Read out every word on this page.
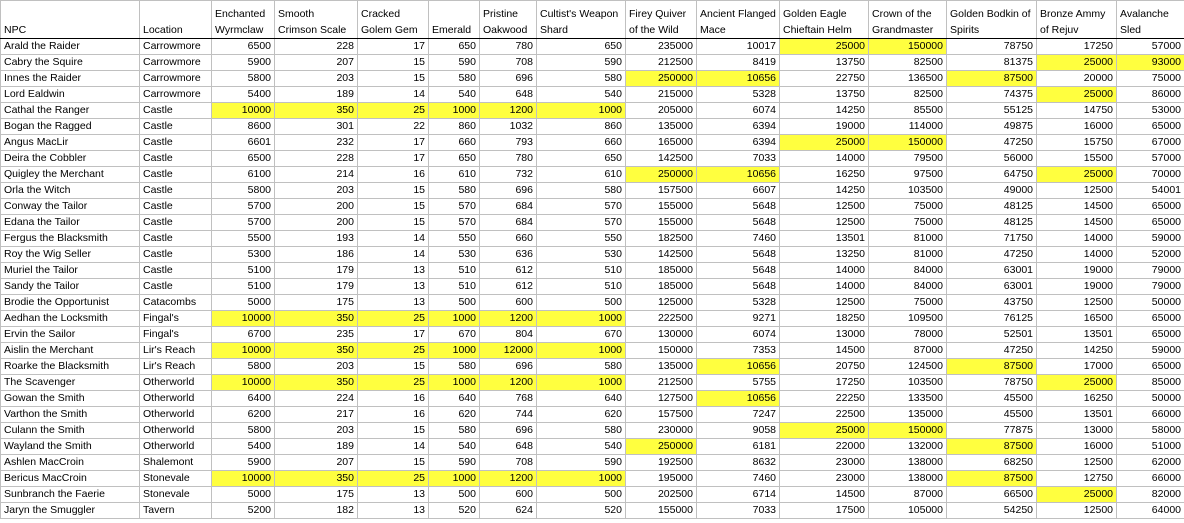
NPC	Location	Enchanted Wyrmclaw	Smooth Crimson Scale	Cracked Golem Gem	Emerald	Pristine Oakwood	Cultist's Weapon Shard	Firey Quiver of the Wild	Ancient Flanged Mace	Golden Eagle Chieftain Helm	Crown of the Grandmaster	Golden Bodkin of Spirits	Bronze Ammy of Rejuv	Avalanche Sled
Arald the Raider	Carrowmore	6500	228	17	650	780	650	235000	10017	25000	150000	78750	17250	57000
Cabry the Squire	Carrowmore	5900	207	15	590	708	590	212500	8419	13750	82500	81375	25000	93000
Innes the Raider	Carrowmore	5800	203	15	580	696	580	250000	10656	22750	136500	87500	20000	75000
Lord Ealdwin	Carrowmore	5400	189	14	540	648	540	215000	5328	13750	82500	74375	25000	86000
Cathal the Ranger	Castle	10000	350	25	1000	1200	1000	205000	6074	14250	85500	55125	14750	53000
Bogan the Ragged	Castle	8600	301	22	860	1032	860	135000	6394	19000	114000	49875	16000	65000
Angus MacLir	Castle	6601	232	17	660	793	660	165000	6394	25000	150000	47250	15750	67000
Deira the Cobbler	Castle	6500	228	17	650	780	650	142500	7033	14000	79500	56000	15500	57000
Quigley the Merchant	Castle	6100	214	16	610	732	610	250000	10656	16250	97500	64750	25000	70000
Orla the Witch	Castle	5800	203	15	580	696	580	157500	6607	14250	103500	49000	12500	54001
Conway the Tailor	Castle	5700	200	15	570	684	570	155000	5648	12500	75000	48125	14500	65000
Edana the Tailor	Castle	5700	200	15	570	684	570	155000	5648	12500	75000	48125	14500	65000
Fergus the Blacksmith	Castle	5500	193	14	550	660	550	182500	7460	13501	81000	71750	14000	59000
Roy the Wig Seller	Castle	5300	186	14	530	636	530	142500	5648	13250	81000	47250	14000	52000
Muriel the Tailor	Castle	5100	179	13	510	612	510	185000	5648	14000	84000	63001	19000	79000
Sandy the Tailor	Castle	5100	179	13	510	612	510	185000	5648	14000	84000	63001	19000	79000
Brodie the Opportunist	Catacombs	5000	175	13	500	600	500	125000	5328	12500	75000	43750	12500	50000
Aedhan the Locksmith	Fingal's	10000	350	25	1000	1200	1000	222500	9271	18250	109500	76125	16500	65000
Ervin the Sailor	Fingal's	6700	235	17	670	804	670	130000	6074	13000	78000	52501	13501	65000
Aislin the Merchant	Lir's Reach	10000	350	25	1000	12000	1000	150000	7353	14500	87000	47250	14250	59000
Roarke the Blacksmith	Lir's Reach	5800	203	15	580	696	580	135000	10656	20750	124500	87500	17000	65000
The Scavenger	Otherworld	10000	350	25	1000	1200	1000	212500	5755	17250	103500	78750	25000	85000
Gowan the Smith	Otherworld	6400	224	16	640	768	640	127500	10656	22250	133500	45500	16250	50000
Varthon the Smith	Otherworld	6200	217	16	620	744	620	157500	7247	22500	135000	45500	13501	66000
Culann the Smith	Otherworld	5800	203	15	580	696	580	230000	9058	25000	150000	77875	13000	58000
Wayland the Smith	Otherworld	5400	189	14	540	648	540	250000	6181	22000	132000	87500	16000	51000
Ashlen MacCroin	Shalemont	5900	207	15	590	708	590	192500	8632	23000	138000	68250	12500	62000
Bericus MacCroin	Stonevale	10000	350	25	1000	1200	1000	195000	7460	23000	138000	87500	12750	66000
Sunbranch the Faerie	Stonevale	5000	175	13	500	600	500	202500	6714	14500	87000	66500	25000	82000
Jaryn the Smuggler	Tavern	5200	182	13	520	624	520	155000	7033	17500	105000	54250	12500	64000
